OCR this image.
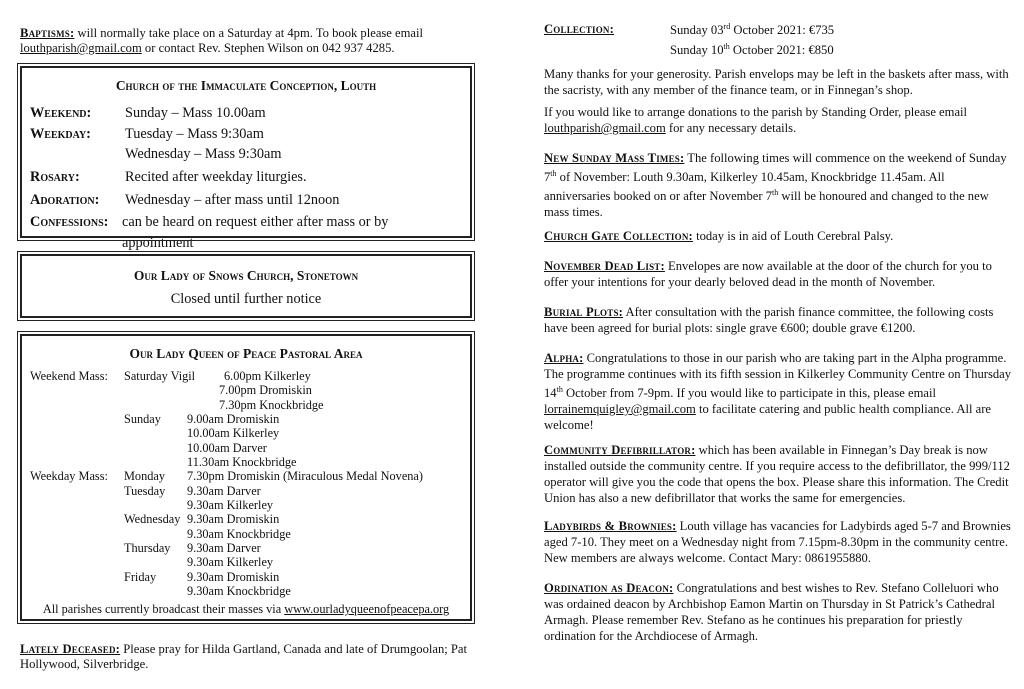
Baptisms: will normally take place on a Saturday at 4pm. To book please email louthparish@gmail.com or contact Rev. Stephen Wilson on 042 937 4285.

Church of the Immaculate Conception, Louth
Weekend:	Sunday – Mass 10.00am
Weekday:	Tuesday – Mass 9:30am
Wednesday – Mass 9:30am
Rosary:	Recited after weekday liturgies.
Adoration:	Wednesday – after mass until 12noon
Confessions: can be heard on request either after mass or by appointment
Our Lady of Snows Church, Stonetown
Closed until further notice
Our Lady Queen of Peace Pastoral Area
Weekend Mass: Saturday Vigil 6.00pm Kilkerley
7.00pm Dromiskin
7.30pm Knockbridge
Sunday 9.00am Dromiskin
10.00am Kilkerley
10.00am Darver
11.30am Knockbridge
Weekday Mass: Monday 7.30pm Dromiskin (Miraculous Medal Novena)
Tuesday 9.30am Darver
9.30am Kilkerley
Wednesday 9.30am Dromiskin
9.30am Knockbridge
Thursday 9.30am Darver
9.30am Kilkerley
Friday	9.30am Dromiskin
9.30am Knockbridge
All parishes currently broadcast their masses via www.ourladyqueenofpeacepa.org

Lately Deceased: Please pray for Hilda Gartland, Canada and late of Drumgoolan; Pat Hollywood, Silverbridge.

Collection:	Sunday 03rd October 2021: €735
Sunday 10th October 2021: €850

Many thanks for your generosity. Parish envelops may be left in the baskets after mass, with the sacristy, with any member of the finance team, or in Finnegan’s shop.

If you would like to arrange donations to the parish by Standing Order, please email louthparish@gmail.com for any necessary details.

New Sunday Mass Times: The following times will commence on the weekend of Sunday 7th of November: Louth 9.30am, Kilkerley 10.45am, Knockbridge 11.45am. All anniversaries booked on or after November 7th will be honoured and changed to the new mass times.

Church Gate Collection: today is in aid of Louth Cerebral Palsy.

November Dead List: Envelopes are now available at the door of the church for you to offer your intentions for your dearly beloved dead in the month of November.

Burial Plots: After consultation with the parish finance committee, the following costs have been agreed for burial plots: single grave €600; double grave €1200.

Alpha: Congratulations to those in our parish who are taking part in the Alpha programme. The programme continues with its fifth session in Kilkerley Community Centre on Thursday 14th October from 7-9pm. If you would like to participate in this, please email lorrainemquigley@gmail.com to facilitate catering and public health compliance. All are welcome!

Community Defibrillator: which has been available in Finnegan’s Day break is now installed outside the community centre. If you require access to the defibrillator, the 999/112 operator will give you the code that opens the box. Please share this information. The Credit Union has also a new defibrillator that works the same for emergencies.

Ladybirds & Brownies: Louth village has vacancies for Ladybirds aged 5-7 and Brownies aged 7-10. They meet on a Wednesday night from 7.15pm-8.30pm in the community centre. New members are always welcome. Contact Mary: 0861955880.

Ordination as Deacon: Congratulations and best wishes to Rev. Stefano Colleluori who was ordained deacon by Archbishop Eamon Martin on Thursday in St Patrick’s Cathedral Armagh. Please remember Rev. Stefano as he continues his preparation for priestly ordination for the Archdiocese of Armagh.
